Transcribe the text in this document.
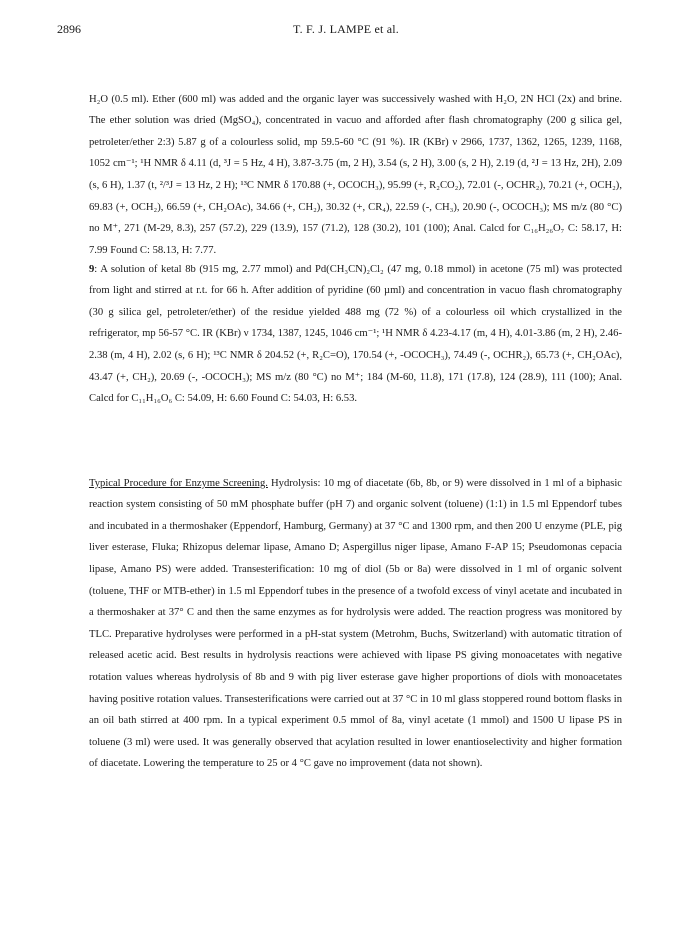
2896	T. F. J. LAMPE et al.

H₂O (0.5 ml). Ether (600 ml) was added and the organic layer was successively washed with H₂O, 2N HCl (2x) and brine. The ether solution was dried (MgSO₄), concentrated in vacuo and afforded after flash chromatography (200 g silica gel, petroleter/ether 2:3) 5.87 g of a colourless solid, mp 59.5-60 °C (91 %). IR (KBr) ν 2966, 1737, 1362, 1265, 1239, 1168, 1052 cm⁻¹; ¹H NMR δ 4.11 (d, ³J = 5 Hz, 4 H), 3.87-3.75 (m, 2 H), 3.54 (s, 2 H), 3.00 (s, 2 H), 2.19 (d, ²J = 13 Hz, 2H), 2.09 (s, 6 H), 1.37 (t, ²/³J = 13 Hz, 2 H); ¹³C NMR δ 170.88 (+, OCOCH₃), 95.99 (+, R₂CO₂), 72.01 (-, OCHR₂), 70.21 (+, OCH₂), 69.83 (+, OCH₂), 66.59 (+, CH₂OAc), 34.66 (+, CH₂), 30.32 (+, CR₄), 22.59 (-, CH₃), 20.90 (-, OCOCH₃); MS m/z (80 °C) no M⁺, 271 (M-29, 8.3), 257 (57.2), 229 (13.9), 157 (71.2), 128 (30.2), 101 (100); Anal. Calcd for C₁₆H₂₆O₇ C: 58.17, H: 7.99 Found C: 58.13, H: 7.77.

9: A solution of ketal 8b (915 mg, 2.77 mmol) and Pd(CH₃CN)₂Cl₂ (47 mg, 0.18 mmol) in acetone (75 ml) was protected from light and stirred at r.t. for 66 h. After addition of pyridine (60 µml) and concentration in vacuo flash chromatography (30 g silica gel, petroleter/ether) of the residue yielded 488 mg (72 %) of a colourless oil which crystallized in the refrigerator, mp 56-57 °C. IR (KBr) ν 1734, 1387, 1245, 1046 cm⁻¹; ¹H NMR δ 4.23-4.17 (m, 4 H), 4.01-3.86 (m, 2 H), 2.46-2.38 (m, 4 H), 2.02 (s, 6 H); ¹³C NMR δ 204.52 (+, R₂C=O), 170.54 (+, -OCOCH₃), 74.49 (-, OCHR₂), 65.73 (+, CH₂OAc), 43.47 (+, CH₂), 20.69 (-, -OCOCH₃); MS m/z (80 °C) no M⁺; 184 (M-60, 11.8), 171 (17.8), 124 (28.9), 111 (100); Anal. Calcd for C₁₁H₁₆O₆ C: 54.09, H: 6.60 Found C: 54.03, H: 6.53.

Typical Procedure for Enzyme Screening. Hydrolysis: 10 mg of diacetate (6b, 8b, or 9) were dissolved in 1 ml of a biphasic reaction system consisting of 50 mM phosphate buffer (pH 7) and organic solvent (toluene) (1:1) in 1.5 ml Eppendorf tubes and incubated in a thermoshaker (Eppendorf, Hamburg, Germany) at 37 °C and 1300 rpm, and then 200 U enzyme (PLE, pig liver esterase, Fluka; Rhizopus delemar lipase, Amano D; Aspergillus niger lipase, Amano F-AP 15; Pseudomonas cepacia lipase, Amano PS) were added. Transesterification: 10 mg of diol (5b or 8a) were dissolved in 1 ml of organic solvent (toluene, THF or MTB-ether) in 1.5 ml Eppendorf tubes in the presence of a twofold excess of vinyl acetate and incubated in a thermoshaker at 37° C and then the same enzymes as for hydrolysis were added. The reaction progress was monitored by TLC. Preparative hydrolyses were performed in a pH-stat system (Metrohm, Buchs, Switzerland) with automatic titration of released acetic acid. Best results in hydrolysis reactions were achieved with lipase PS giving monoacetates with negative rotation values whereas hydrolysis of 8b and 9 with pig liver esterase gave higher proportions of diols with monoacetates having positive rotation values. Transesterifications were carried out at 37 °C in 10 ml glass stoppered round bottom flasks in an oil bath stirred at 400 rpm. In a typical experiment 0.5 mmol of 8a, vinyl acetate (1 mmol) and 1500 U lipase PS in toluene (3 ml) were used. It was generally observed that acylation resulted in lower enantioselectivity and higher formation of diacetate. Lowering the temperature to 25 or 4 °C gave no improvement (data not shown).
